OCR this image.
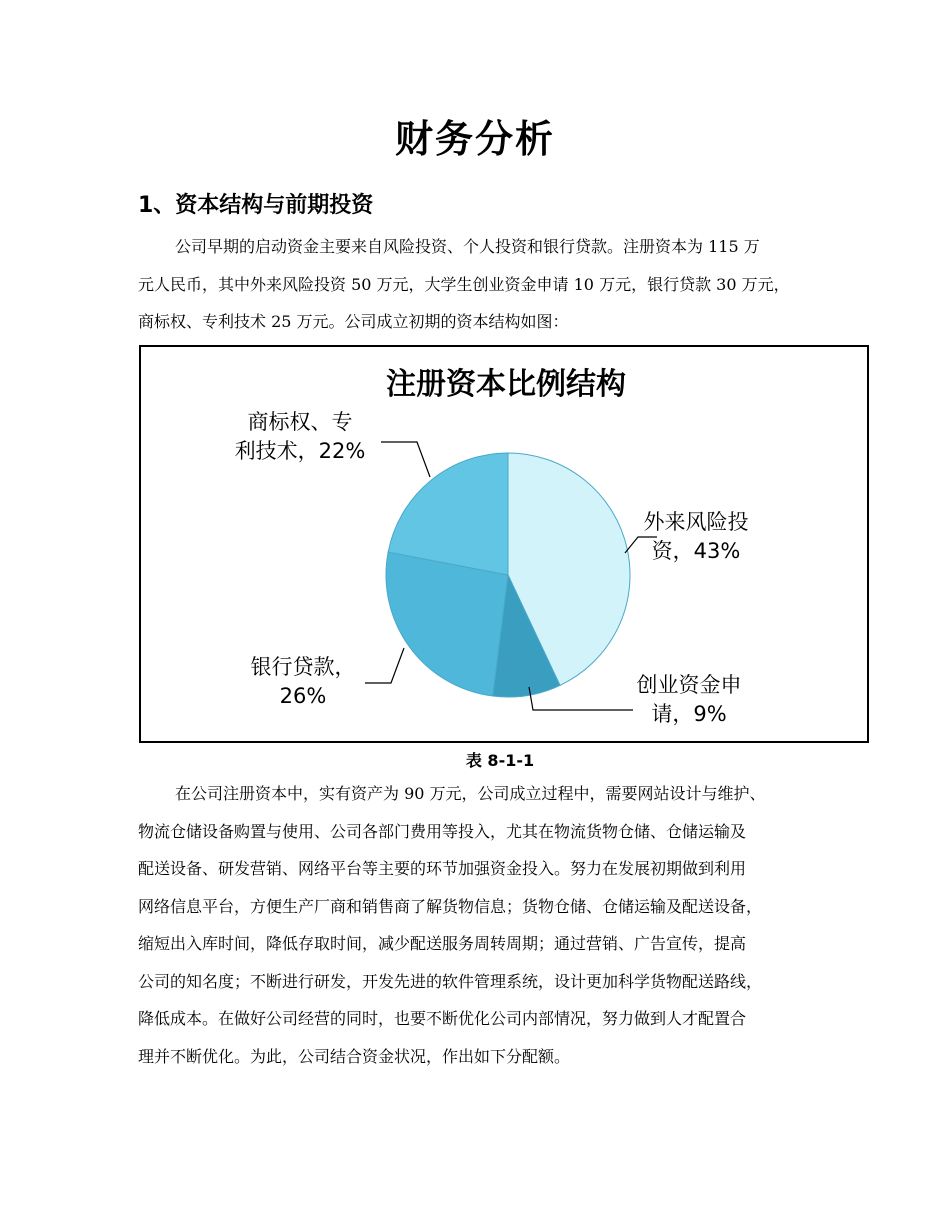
财务分析
1、资本结构与前期投资
公司早期的启动资金主要来自风险投资、个人投资和银行贷款。注册资本为 115 万
元人民币，其中外来风险投资 50 万元，大学生创业资金申请 10 万元，银行贷款 30 万元，
商标权、专利技术 25 万元。公司成立初期的资本结构如图：
注册资本比例结构
外来风险投
资，43%
创业资金申
请，9%
银行贷款，
26%
商标权、专
利技术，22%
表 8-1-1
在公司注册资本中，实有资产为 90 万元，公司成立过程中，需要网站设计与维护、
物流仓储设备购置与使用、公司各部门费用等投入，尤其在物流货物仓储、仓储运输及
配送设备、研发营销、网络平台等主要的环节加强资金投入。努力在发展初期做到利用
网络信息平台，方便生产厂商和销售商了解货物信息；货物仓储、仓储运输及配送设备，
缩短出入库时间，降低存取时间，减少配送服务周转周期；通过营销、广告宣传，提高
公司的知名度；不断进行研发，开发先进的软件管理系统，设计更加科学货物配送路线，
降低成本。在做好公司经营的同时，也要不断优化公司内部情况，努力做到人才配置合
理并不断优化。为此，公司结合资金状况，作出如下分配额。
